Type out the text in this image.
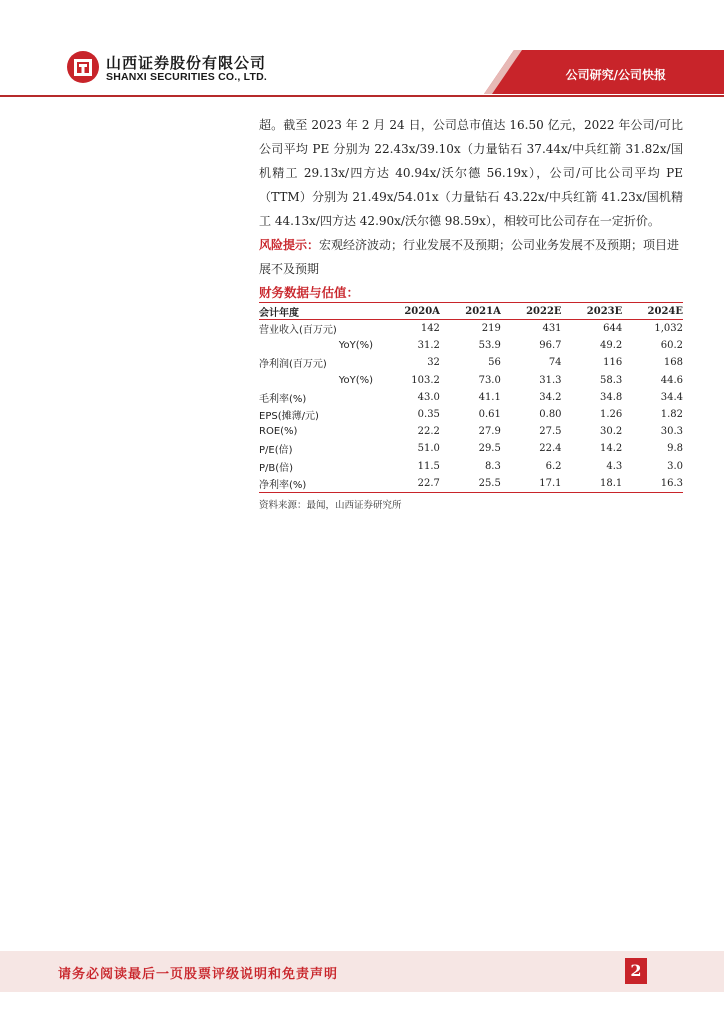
山西证券股份有限公司
SHANXI SECURITIES CO., LTD.	公司研究/公司快报

超。截至 2023 年 2 月 24 日，公司总市值达 16.50 亿元，2022 年公司/可比公司平均 PE 分别为 22.43x/39.10x（力量钻石 37.44x/中兵红箭 31.82x/国机精工 29.13x/四方达 40.94x/沃尔德 56.19x），公司/可比公司平均 PE（TTM）分别为 21.49x/54.01x（力量钻石 43.22x/中兵红箭 41.23x/国机精工 44.13x/四方达 42.90x/沃尔德 98.59x），相较可比公司存在一定折价。

风险提示：宏观经济波动；行业发展不及预期；公司业务发展不及预期；项目进展不及预期

财务数据与估值：
会计年度	2020A	2021A	2022E	2023E	2024E
营业收入(百万元)	142	219	431	644	1,032
YoY(%)	31.2	53.9	96.7	49.2	60.2
净利润(百万元)	32	56	74	116	168
YoY(%)	103.2	73.0	31.3	58.3	44.6
毛利率(%)	43.0	41.1	34.2	34.8	34.4
EPS(摊薄/元)	0.35	0.61	0.80	1.26	1.82
ROE(%)	22.2	27.9	27.5	30.2	30.3
P/E(倍)	51.0	29.5	22.4	14.2	9.8
P/B(倍)	11.5	8.3	6.2	4.3	3.0
净利率(%)	22.7	25.5	17.1	18.1	16.3
资料来源：最闻，山西证券研究所
请务必阅读最后一页股票评级说明和免责声明	2
